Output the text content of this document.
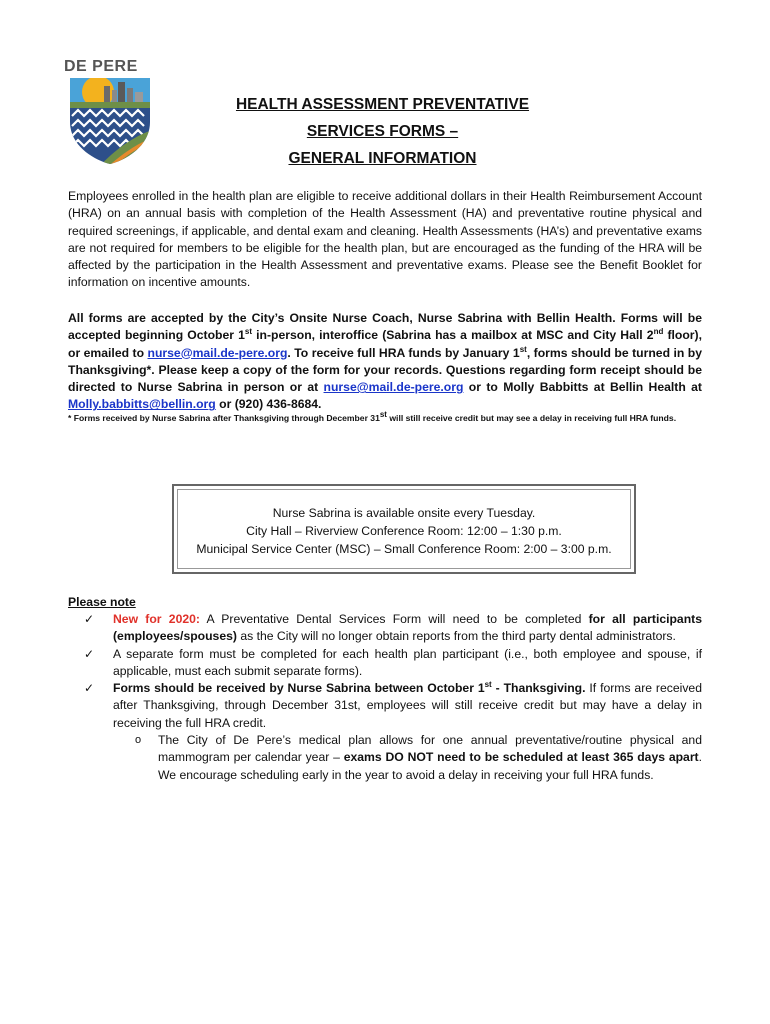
DE PERE
HEALTH ASSESSMENT PREVENTATIVE
SERVICES FORMS –
GENERAL INFORMATION

Employees enrolled in the health plan are eligible to receive additional dollars in their Health Reimbursement Account (HRA) on an annual basis with completion of the Health Assessment (HA) and preventative routine physical and required screenings, if applicable, and dental exam and cleaning. Health Assessments (HA’s) and preventative exams are not required for members to be eligible for the health plan, but are encouraged as the funding of the HRA will be affected by the participation in the Health Assessment and preventative exams. Please see the Benefit Booklet for information on incentive amounts.

All forms are accepted by the City’s Onsite Nurse Coach, Nurse Sabrina with Bellin Health. Forms will be accepted beginning October 1st in-person, interoffice (Sabrina has a mailbox at MSC and City Hall 2nd floor), or emailed to nurse@mail.de-pere.org. To receive full HRA funds by January 1st, forms should be turned in by Thanksgiving*. Please keep a copy of the form for your records. Questions regarding form receipt should be directed to Nurse Sabrina in person or at nurse@mail.de-pere.org or to Molly Babbitts at Bellin Health at Molly.babbitts@bellin.org or (920) 436-8684.

* Forms received by Nurse Sabrina after Thanksgiving through December 31st will still receive credit but may see a delay in receiving full HRA funds.
Nurse Sabrina is available onsite every Tuesday.
City Hall – Riverview Conference Room: 12:00 – 1:30 p.m.
Municipal Service Center (MSC) – Small Conference Room: 2:00 – 3:00 p.m.
Please note
✓ New for 2020: A Preventative Dental Services Form will need to be completed for all participants (employees/spouses) as the City will no longer obtain reports from the third party dental administrators.

✓ A separate form must be completed for each health plan participant (i.e., both employee and spouse, if applicable, must each submit separate forms).

✓ Forms should be received by Nurse Sabrina between October 1st - Thanksgiving. If forms are received after Thanksgiving, through December 31st, employees will still receive credit but may have a delay in receiving the full HRA credit.

o The City of De Pere’s medical plan allows for one annual preventative/routine physical and mammogram per calendar year – exams DO NOT need to be scheduled at least 365 days apart. We encourage scheduling early in the year to avoid a delay in receiving your full HRA funds.
